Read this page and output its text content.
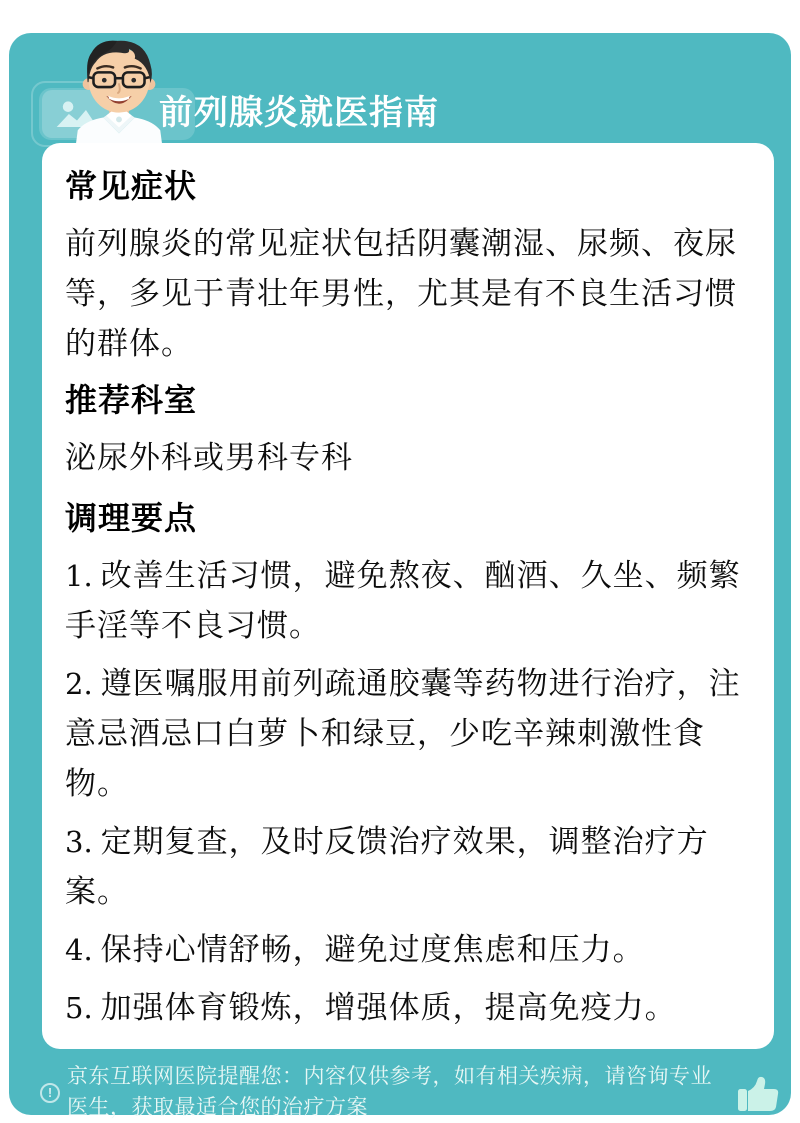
前列腺炎就医指南
常见症状

前列腺炎的常见症状包括阴囊潮湿、尿频、夜尿等，多见于青壮年男性，尤其是有不良生活习惯的群体。

推荐科室

泌尿外科或男科专科

调理要点

1. 改善生活习惯，避免熬夜、酗酒、久坐、频繁手淫等不良习惯。

2. 遵医嘱服用前列疏通胶囊等药物进行治疗，注意忌酒忌口白萝卜和绿豆，少吃辛辣刺激性食物。

3. 定期复查，及时反馈治疗效果，调整治疗方案。

4. 保持心情舒畅，避免过度焦虑和压力。

5. 加强体育锻炼，增强体质，提高免疫力。

!
京东互联网医院提醒您：内容仅供参考，如有相关疾病，请咨询专业
医生，获取最适合您的治疗方案
